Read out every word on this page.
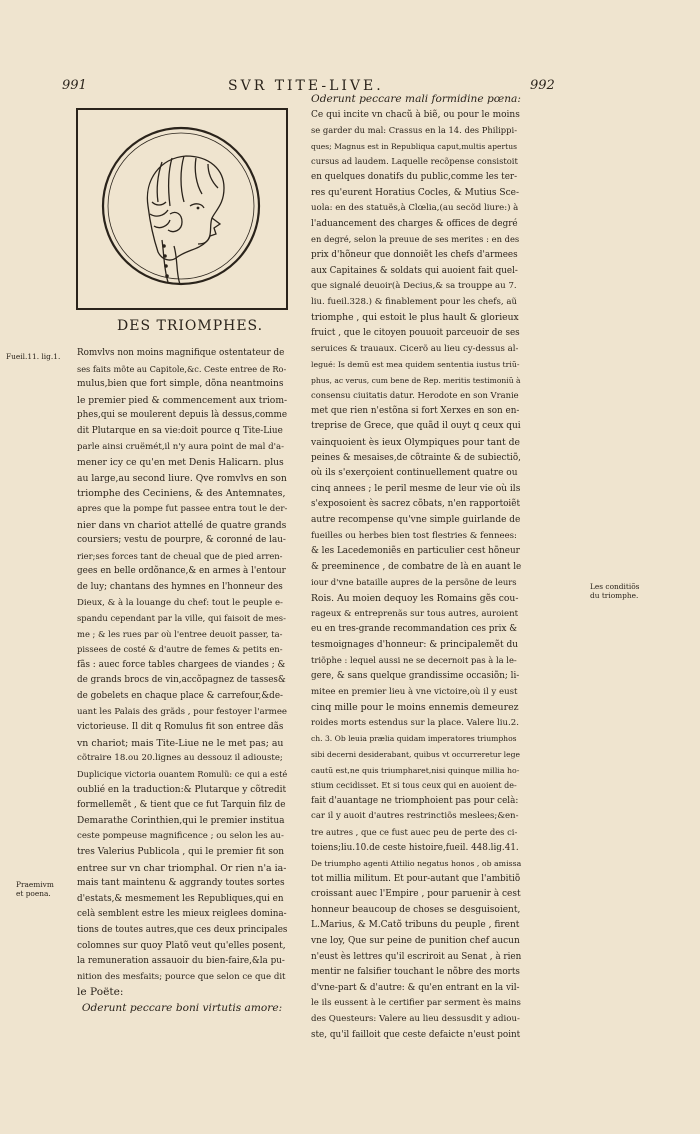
991	SVR TITE-LIVE.	992
DES TRIOMPHES.
Fueil.11. lig.1.
Praemivm
et poena.
Les conditiõs
du triomphe.
Romvlvs non moins magnifique ostentateur de
ses faits mõte au Capitole,&c. Ceste entree de Ro-
mulus,bien que fort simple, dõna neantmoins
le premier pied & commencement aux triom-
phes,qui se moulerent depuis là dessus,comme
dit Plutarque en sa vie:doit pource q Tite-Liue
parle ainsi cruëmét,il n'y aura point de mal d'a-
mener icy ce qu'en met Denis Halicarn. plus
au large,au second liure. Qve romvlvs en son
triomphe des Ceciniens, & des Antemnates,
apres que la pompe fut passee entra tout le der-
nier dans vn chariot attellé de quatre grands
coursiers; vestu de pourpre, & coronné de lau-
rier;ses forces tant de cheual que de pied arren-
gees en belle ordõnance,& en armes à l'entour
de luy; chantans des hymnes en l'honneur des
Dieux, & à la louange du chef: tout le peuple e-
spandu cependant par la ville, qui faisoit de mes-
me ; & les rues par où l'entree deuoit passer, ta-
pissees de costé & d'autre de femes & petits en-
fãs : auec force tables chargees de viandes ; &
de grands brocs de vin,accõpagnez de tasses&
de gobelets en chaque place & carrefour,&de-
uant les Palais des grãds , pour festoyer l'armee
victorieuse. Il dit q Romulus fit son entree dãs
vn chariot; mais Tite-Liue ne le met pas; au
cõtraire 18.ou 20.lignes au dessouz il adiouste;
Duplicique victoria ouantem Romulũ: ce qui a esté
oublié en la traduction:& Plutarque y cõtredit
formellemẽt , & tient que ce fut Tarquin filz de
Demarathe Corinthien,qui le premier institua
ceste pompeuse magnificence ; ou selon les au-
tres Valerius Publicola , qui le premier fit son
entree sur vn char triomphal. Or rien n'a ia-
mais tant maintenu & aggrandy toutes sortes
d'estats,& mesmement les Republiques,qui en
celà semblent estre les mieux reiglees domina-
tions de toutes autres,que ces deux principales
colomnes sur quoy Platõ veut qu'elles posent,
la remuneration assauoir du bien-faire,&la pu-
nition des mesfaits; pource que selon ce que dit
le Poëte:
Oderunt peccare boni virtutis amore:
Oderunt peccare mali formidine pœna:
Ce qui incite vn chacũ à biẽ, ou pour le moins
se garder du mal: Crassus en la 14. des Philippi-
ques; Magnus est in Republiqua caput,multis apertus
cursus ad laudem. Laquelle recõpense consistoit
en quelques donatifs du public,comme les ter-
res qu'eurent Horatius Cocles, & Mutius Sce-
uola: en des statuës,à Clœlia,(au secõd liure:) à
l'aduancement des charges & offices de degré
en degré, selon la preuue de ses merites : en des
prix d'hõneur que donnoiẽt les chefs d'armees
aux Capitaines & soldats qui auoient fait quel-
que signalé deuoir(à Decius,& sa trouppe au 7.
liu. fueil.328.) & finablement pour les chefs, aũ
triomphe , qui estoit le plus hault & glorieux
fruict , que le citoyen pouuoit parceuoir de ses
seruices & trauaux. Cicerõ au lieu cy-dessus al-
legué: Is demũ est mea quidem sententia iustus triũ-
phus, ac verus, cum bene de Rep. meritis testimoniũ à
consensu ciuitatis datur. Herodote en son Vranie
met que rien n'estõna si fort Xerxes en son en-
treprise de Grece, que quãd il ouyt q ceux qui
vainquoient ès ieux Olympiques pour tant de
peines & mesaises,de cõtrainte & de subiectiõ,
où ils s'exerçoient continuellement quatre ou
cinq annees ; le peril mesme de leur vie où ils
s'exposoient ès sacrez cõbats, n'en rapportoiẽt
autre recompense qu'vne simple guirlande de
fueilles ou herbes bien tost flestries & fennees:
& les Lacedemoniẽs en particulier cest hõneur
& preeminence , de combatre de là en auant le
iour d'vne bataille aupres de la persõne de leurs
Rois. Au moien dequoy les Romains gẽs cou-
rageux & entreprenãs sur tous autres, auroient
eu en tres-grande recommandation ces prix &
tesmoignages d'honneur: & principalemẽt du
triõphe : lequel aussi ne se decernoit pas à la le-
gere, & sans quelque grandissime occasiõn; li-
mitee en premier lieu à vne victoire,où il y eust
cinq mille pour le moins ennemis demeurez
roides morts estendus sur la place. Valere liu.2.
ch. 3. Ob leuia prælia quidam imperatores triumphos
sibi decerni desiderabant, quibus vt occurreretur lege
cautũ est,ne quis triumpharet,nisi quinque millia ho-
stium cecidisset. Et si tous ceux qui en auoient de-
fait d'auantage ne triomphoient pas pour celà:
car il y auoit d'autres restrinctiõs meslees;&en-
tre autres , que ce fust auec peu de perte des ci-
toiens;liu.10.de ceste histoire,fueil. 448.lig.41.
De triumpho agenti Attilio negatus honos , ob amissa
tot millia militum. Et pour-autant que l'ambitiõ
croissant auec l'Empire , pour paruenir à cest
honneur beaucoup de choses se desguisoient,
L.Marius, & M.Catõ tribuns du peuple , firent
vne loy, Que sur peine de punition chef aucun
n'eust ès lettres qu'il escriroit au Senat , à rien
mentir ne falsifier touchant le nõbre des morts
d'vne-part & d'autre: & qu'en entrant en la vil-
le ils eussent à le certifier par serment ès mains
des Questeurs: Valere au lieu dessusdit y adiou-
ste, qu'il failloit que ceste defaicte n'eust point
